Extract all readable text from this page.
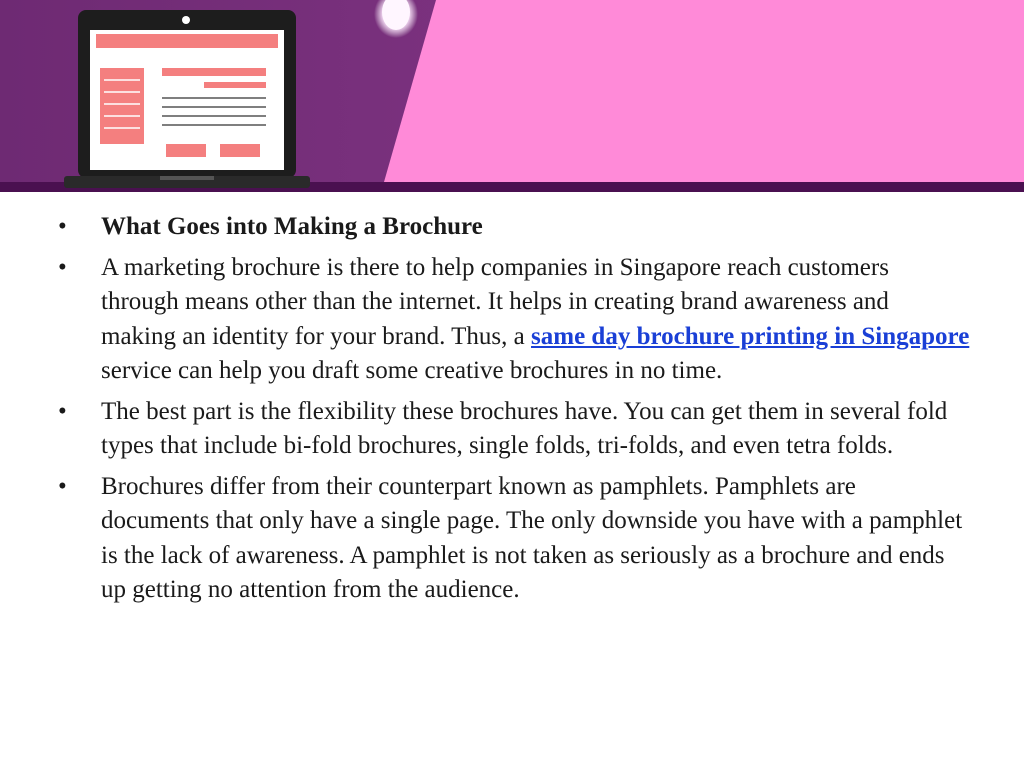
• What Goes into Making a Brochure
• A marketing brochure is there to help companies in Singapore reach customers through means other than the internet. It helps in creating brand awareness and making an identity for your brand. Thus, a same day brochure printing in Singapore service can help you draft some creative brochures in no time.
• The best part is the flexibility these brochures have. You can get them in several fold types that include bi-fold brochures, single folds, tri-folds, and even tetra folds.
• Brochures differ from their counterpart known as pamphlets. Pamphlets are documents that only have a single page. The only downside you have with a pamphlet is the lack of awareness. A pamphlet is not taken as seriously as a brochure and ends up getting no attention from the audience.
